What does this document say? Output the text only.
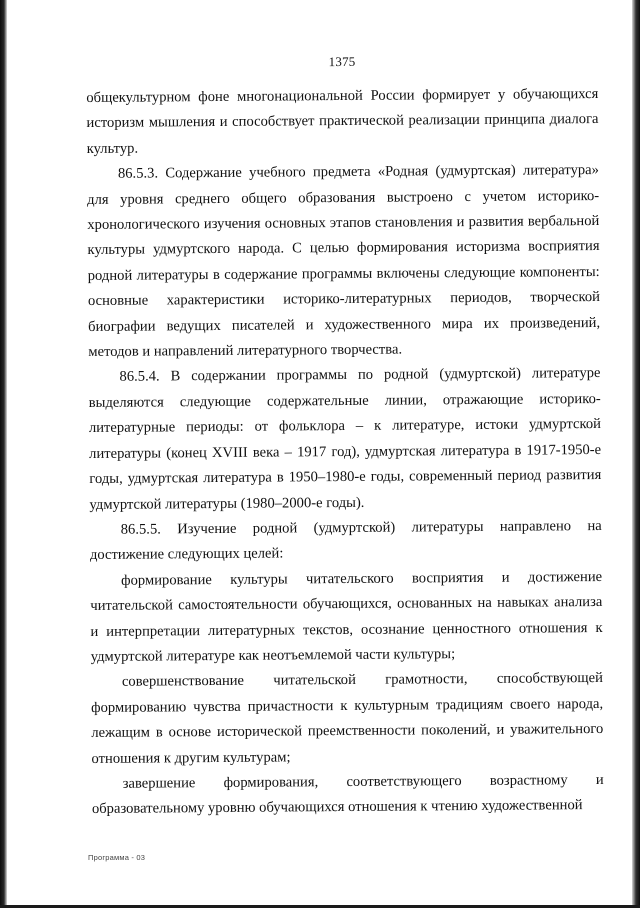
1375

общекультурном фоне многонациональной России формирует у обучающихся историзм мышления и способствует практической реализации принципа диалога культур.

86.5.3. Содержание учебного предмета «Родная (удмуртская) литература» для уровня среднего общего образования выстроено с учетом историко-хронологического изучения основных этапов становления и развития вербальной культуры удмуртского народа. С целью формирования историзма восприятия родной литературы в содержание программы включены следующие компоненты: основные характеристики историко-литературных периодов, творческой биографии ведущих писателей и художественного мира их произведений, методов и направлений литературного творчества.

86.5.4. В содержании программы по родной (удмуртской) литературе выделяются следующие содержательные линии, отражающие историко-литературные периоды: от фольклора – к литературе, истоки удмуртской литературы (конец XVIII века – 1917 год), удмуртская литература в 1917-1950-е годы, удмуртская литература в 1950–1980-е годы, современный период развития удмуртской литературы (1980–2000-е годы).

86.5.5. Изучение родной (удмуртской) литературы направлено на достижение следующих целей:

формирование культуры читательского восприятия и достижение читательской самостоятельности обучающихся, основанных на навыках анализа и интерпретации литературных текстов, осознание ценностного отношения к удмуртской литературе как неотъемлемой части культуры;

совершенствование читательской грамотности, способствующей формированию чувства причастности к культурным традициям своего народа, лежащим в основе исторической преемственности поколений, и уважительного отношения к другим культурам;

завершение формирования, соответствующего возрастному и образовательному уровню обучающихся отношения к чтению художественной

Программа - 03
